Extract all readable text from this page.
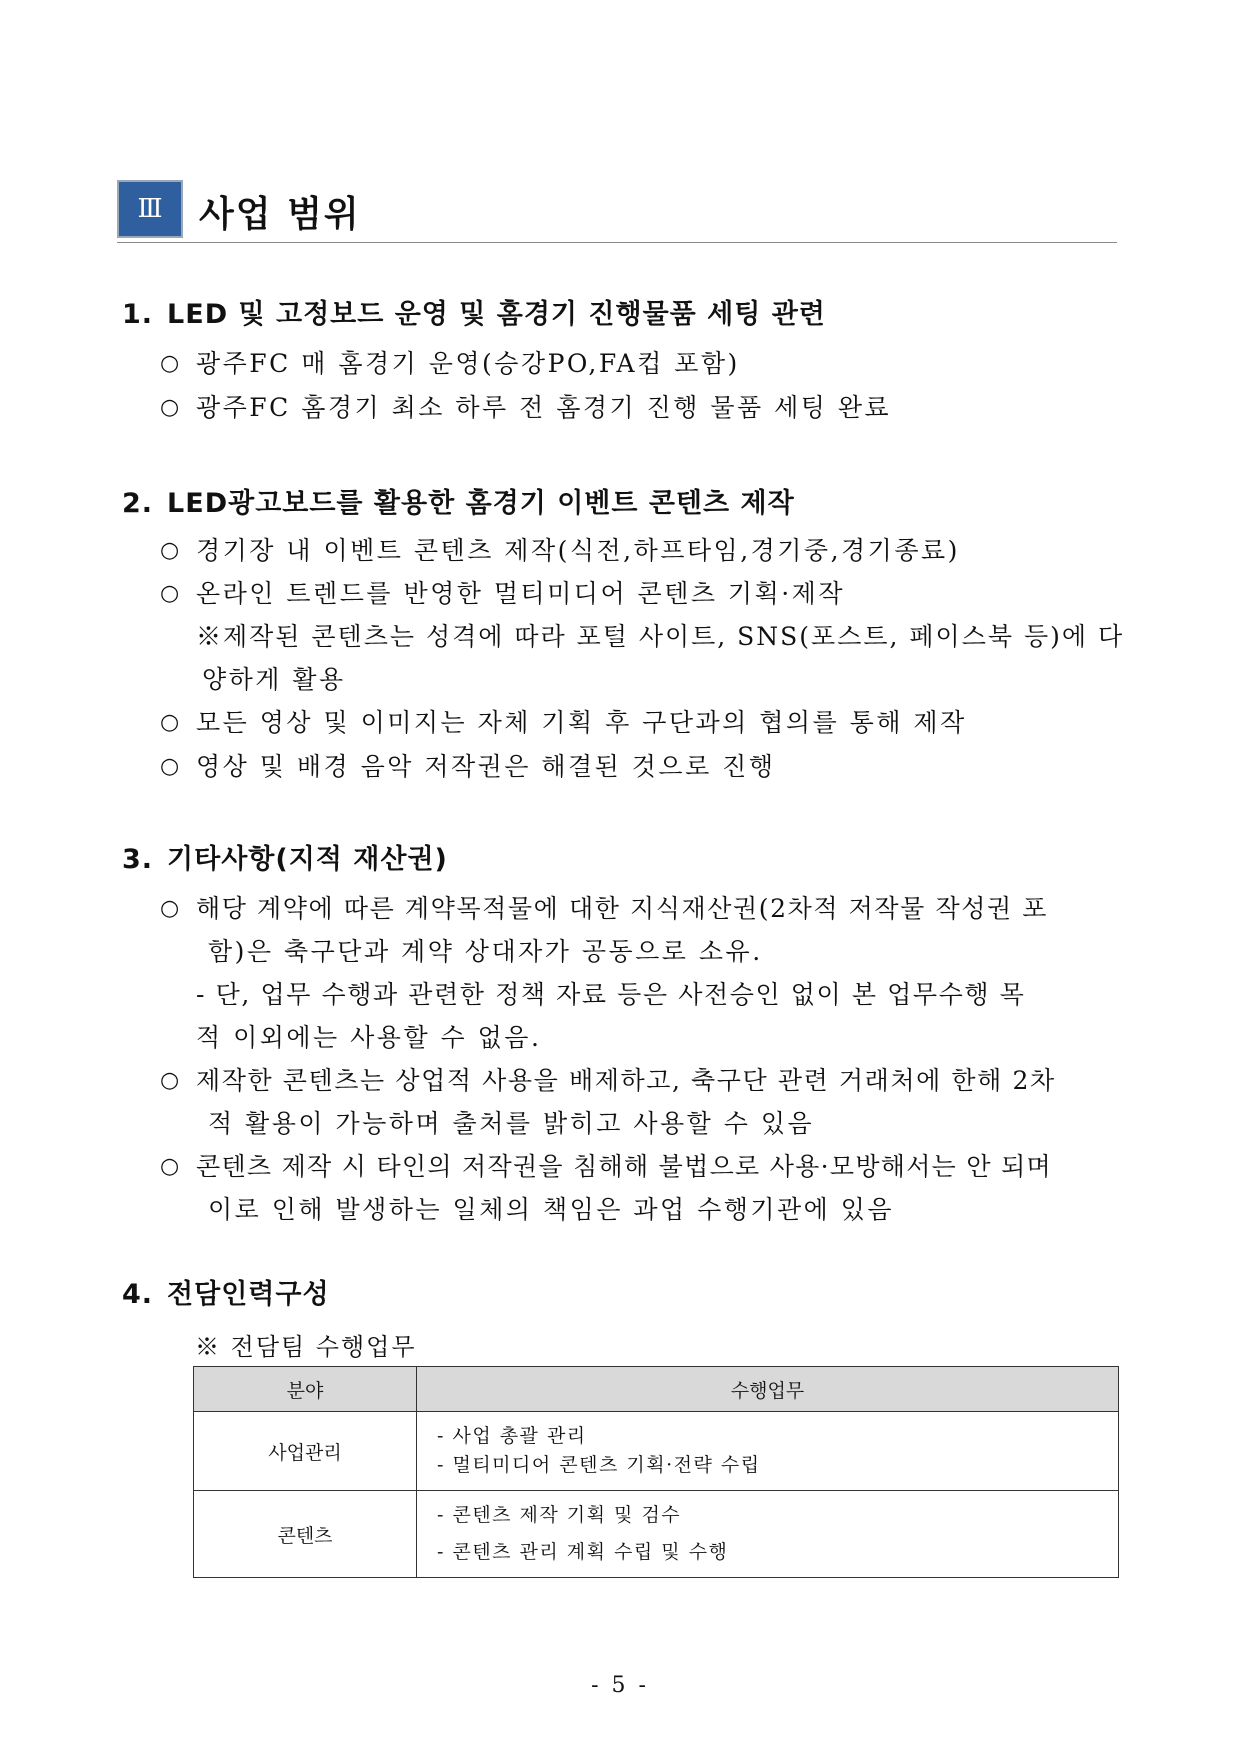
Ⅲ	사업 범위
1. LED 및 고정보드 운영 및 홈경기 진행물품 세팅 관련
○ 광주FC 매 홈경기 운영(승강PO,FA컵 포함)
○ 광주FC 홈경기 최소 하루 전 홈경기 진행 물품 세팅 완료
2. LED광고보드를 활용한 홈경기 이벤트 콘텐츠 제작
○ 경기장 내 이벤트 콘텐츠 제작(식전,하프타임,경기중,경기종료)
○ 온라인 트렌드를 반영한 멀티미디어 콘텐츠 기획·제작
※제작된 콘텐츠는 성격에 따라 포털 사이트, SNS(포스트, 페이스북 등)에 다
양하게 활용
○ 모든 영상 및 이미지는 자체 기획 후 구단과의 협의를 통해 제작
○ 영상 및 배경 음악 저작권은 해결된 것으로 진행
3. 기타사항(지적 재산권)
○ 해당 계약에 따른 계약목적물에 대한 지식재산권(2차적 저작물 작성권 포
함)은 축구단과 계약 상대자가 공동으로 소유.
- 단, 업무 수행과 관련한 정책 자료 등은 사전승인 없이 본 업무수행 목
적 이외에는 사용할 수 없음.
○ 제작한 콘텐츠는 상업적 사용을 배제하고, 축구단 관련 거래처에 한해 2차
적 활용이 가능하며 출처를 밝히고 사용할 수 있음
○ 콘텐츠 제작 시 타인의 저작권을 침해해 불법으로 사용·모방해서는 안 되며
이로 인해 발생하는 일체의 책임은 과업 수행기관에 있음
4. 전담인력구성
※ 전담팀 수행업무
분야	수행업무
사업관리	- 사업 총괄 관리
- 멀티미디어 콘텐츠 기획·전략 수립

콘텐츠	- 콘텐츠 제작 기획 및 검수
- 콘텐츠 관리 계획 수립 및 수행
- 5 -
